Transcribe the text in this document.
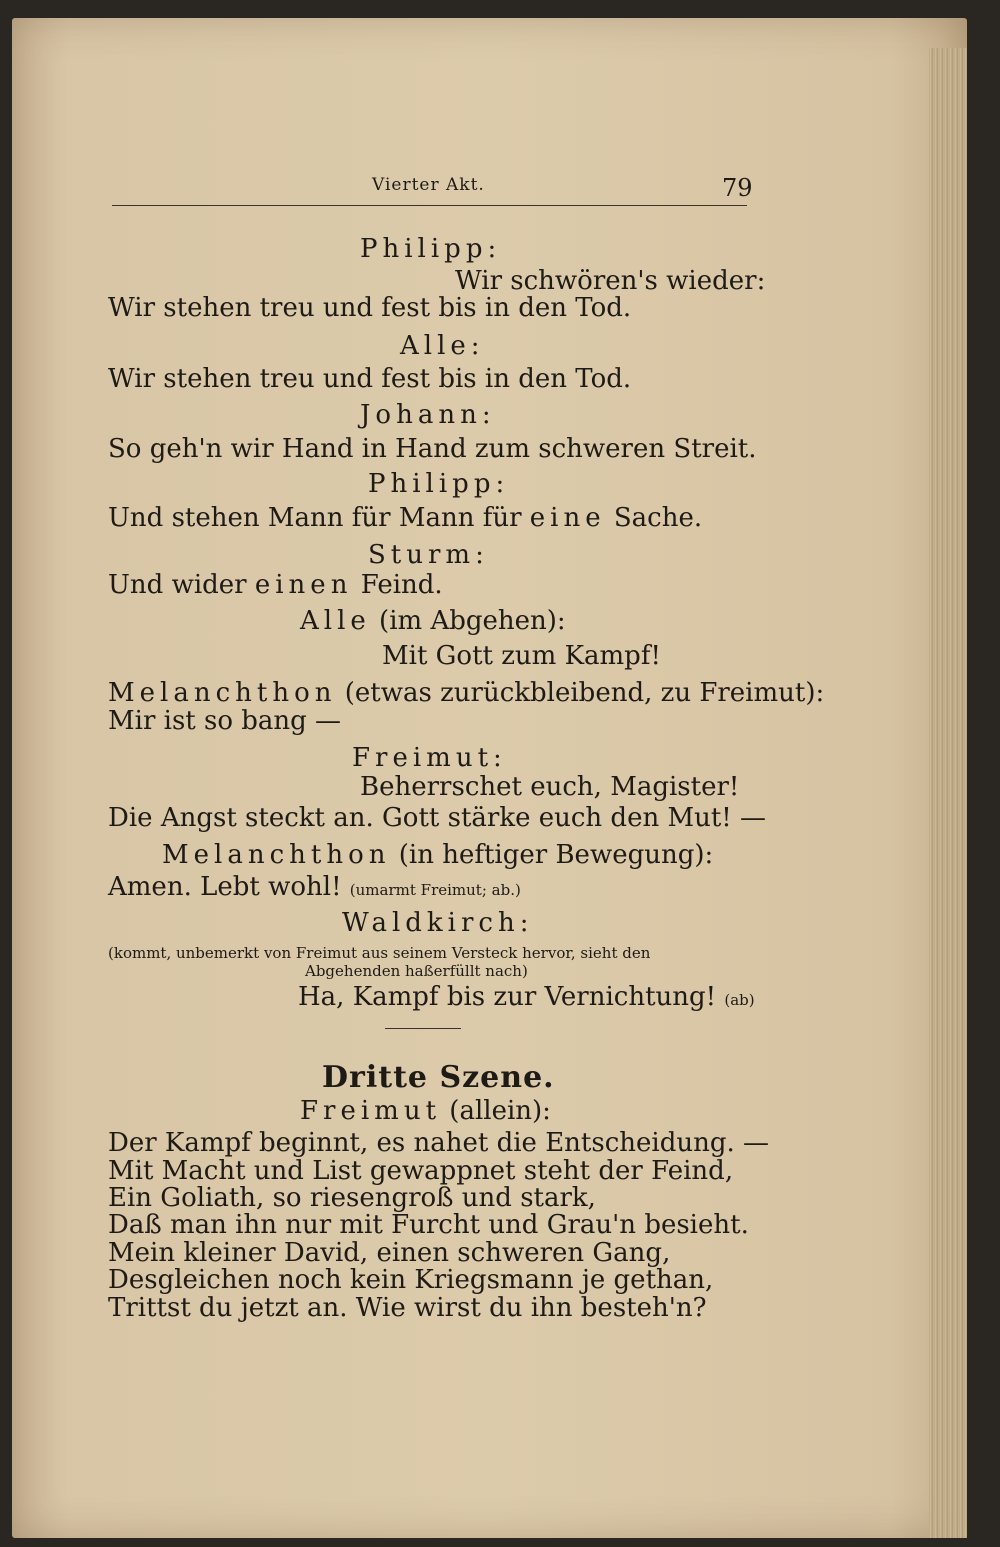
Vierter Akt.	79
Philipp:
Wir schwören's wieder:
Wir stehen treu und fest bis in den Tod.
Alle:
Wir stehen treu und fest bis in den Tod.
Johann:
So geh'n wir Hand in Hand zum schweren Streit.
Philipp:
Und stehen Mann für Mann für eine Sache.
Sturm:
Und wider einen Feind.
Alle (im Abgehen):
Mit Gott zum Kampf!
Melanchthon (etwas zurückbleibend, zu Freimut):
Mir ist so bang —
Freimut:
Beherrschet euch, Magister!
Die Angst steckt an. Gott stärke euch den Mut! —
Melanchthon (in heftiger Bewegung):
Amen. Lebt wohl! (umarmt Freimut; ab.)
Waldkirch:
(kommt, unbemerkt von Freimut aus seinem Versteck hervor, sieht den
Abgehenden haßerfüllt nach)
Ha, Kampf bis zur Vernichtung! (ab)
Dritte Szene.
Freimut (allein):
Der Kampf beginnt, es nahet die Entscheidung. —
Mit Macht und List gewappnet steht der Feind,
Ein Goliath, so riesengroß und stark,
Daß man ihn nur mit Furcht und Grau'n besieht.
Mein kleiner David, einen schweren Gang,
Desgleichen noch kein Kriegsmann je gethan,
Trittst du jetzt an. Wie wirst du ihn besteh'n?
